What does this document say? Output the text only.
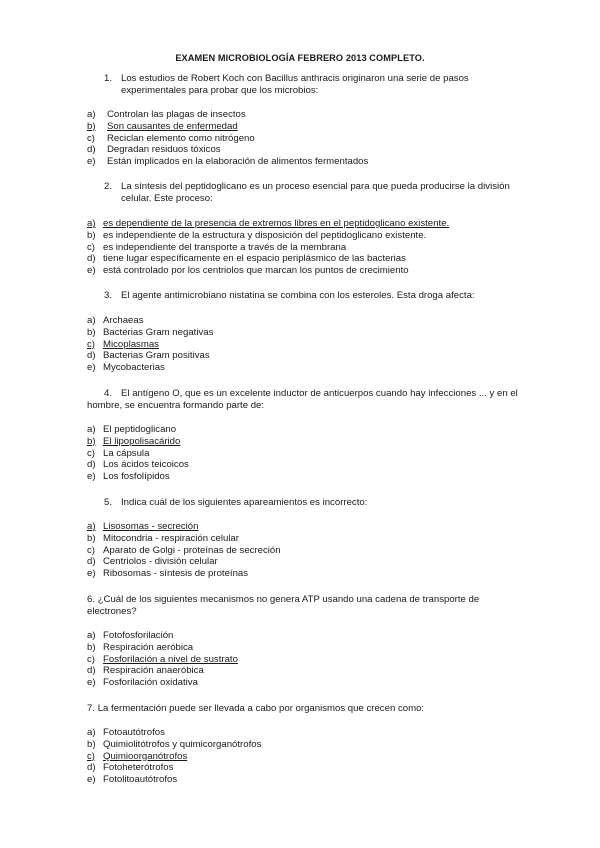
EXAMEN MICROBIOLOGÍA FEBRERO 2013 COMPLETO.
1. Los estudios de Robert Koch con Bacillus anthracis originaron una serie de pasos experimentales para probar que los microbios:
a)	Controlan las plagas de insectos
b)	Son causantes de enfermedad
c)	Reciclan elemento como nitrógeno
d)	Degradan residuos tóxicos
e)	Están implicados en la elaboración de alimentos fermentados
2. La síntesis del peptidoglicano es un proceso esencial para que pueda producirse la división celular. Este proceso:
a) es dependiente de la presencia de extremos libres en el peptidoglicano existente.
b) es independiente de la estructura y disposición del peptidoglicano existente.
c) es independiente del transporte a través de la membrana
d) tiene lugar específicamente en el espacio periplásmico de las bacterias
e) está controlado por los centriolos que marcan los puntos de crecimiento
3. El agente antimicrobiano nistatina se combina con los esteroles. Esta droga afecta:
a) Archaeas
b) Bacterias Gram negativas
c) Micoplasmas
d) Bacterias Gram positivas
e) Mycobacterias
4. El antígeno O, que es un excelente inductor de anticuerpos cuando hay infecciones ... y en el hombre, se encuentra formando parte de:
a) El peptidoglicano
b) El lipopolisacárido
c) La cápsula
d) Los ácidos teicoicos
e) Los fosfolípidos
5. Indica cuál de los siguientes apareamientos es incorrecto:
a) Lisosomas - secreción
b) Mitocondria - respiración celular
c) Aparato de Golgi - proteínas de secreción
d) Centriolos - división celular
e) Ribosomas - síntesis de proteínas
6. ¿Cuál de los siguientes mecanismos no genera ATP usando una cadena de transporte de electrones?
a) Fotofosforilación
b) Respiración aeróbica
c) Fosforilación a nivel de sustrato
d) Respiración anaeróbica
e) Fosforilación oxidativa
7. La fermentación puede ser llevada a cabo por organismos que crecen como:
a) Fotoautótrofos
b) Quimiolitótrofos y quimicorganótrofos
c) Quimioorganótrofos
d) Fotoheterótrofos
e) Fotolitoautótrofos
